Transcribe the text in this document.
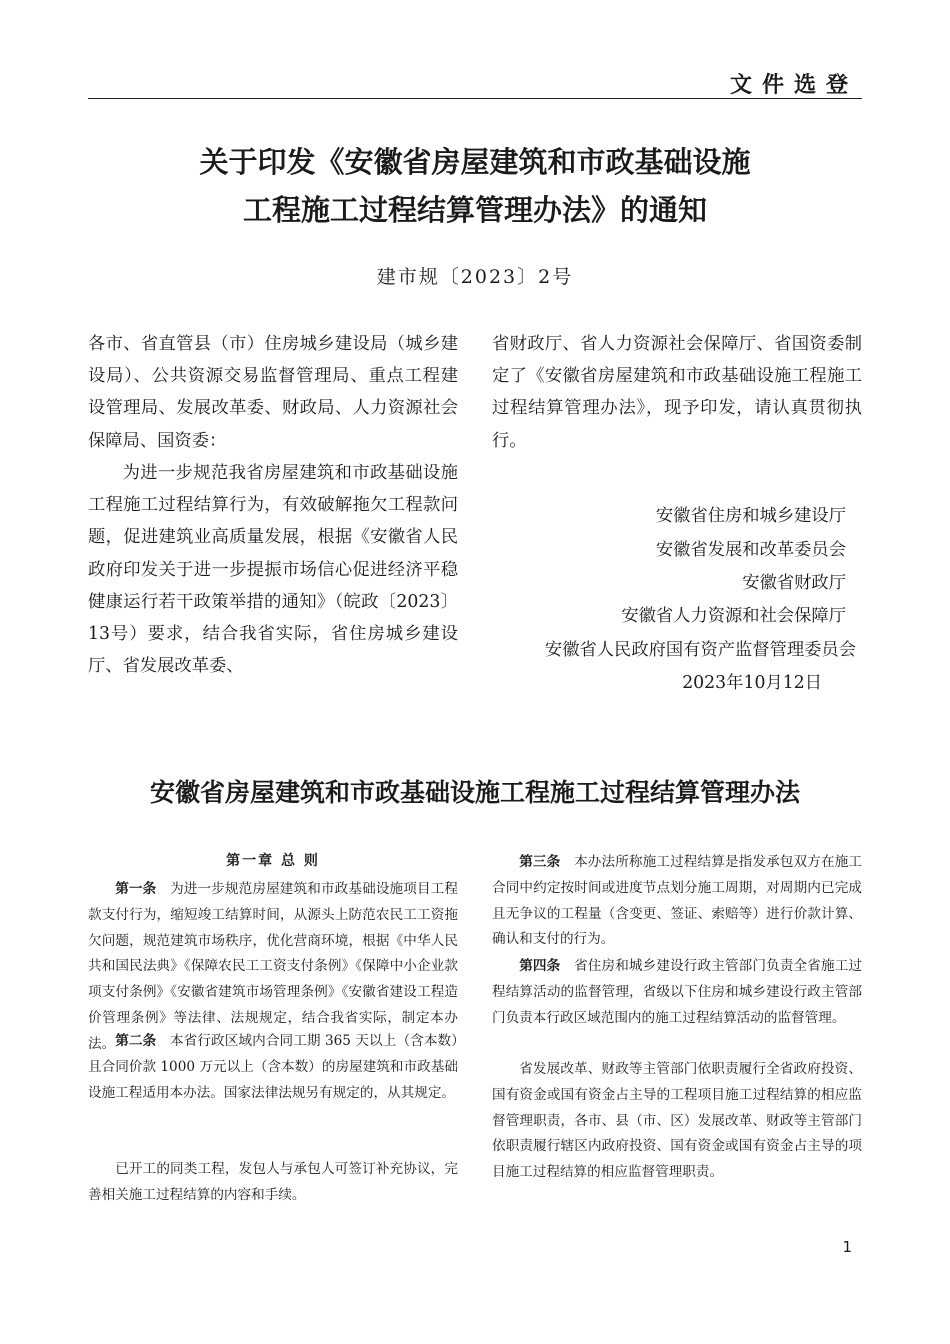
文件选登
关于印发《安徽省房屋建筑和市政基础设施
工程施工过程结算管理办法》的通知
建市规〔2023〕2号
各市、省直管县（市）住房城乡建设局（城乡建设局）、公共资源交易监督管理局、重点工程建设管理局、发展改革委、财政局、人力资源社会保障局、国资委：
为进一步规范我省房屋建筑和市政基础设施工程施工过程结算行为，有效破解拖欠工程款问题，促进建筑业高质量发展，根据《安徽省人民政府印发关于进一步提振市场信心促进经济平稳健康运行若干政策举措的通知》（皖政〔2023〕13号）要求，结合我省实际，省住房城乡建设厅、省发展改革委、
省财政厅、省人力资源社会保障厅、省国资委制定了《安徽省房屋建筑和市政基础设施工程施工过程结算管理办法》，现予印发，请认真贯彻执行。
安徽省住房和城乡建设厅
安徽省发展和改革委员会
安徽省财政厅
安徽省人力资源和社会保障厅
安徽省人民政府国有资产监督管理委员会
2023年10月12日
安徽省房屋建筑和市政基础设施工程施工过程结算管理办法
第一章 总 则
第一条　 为进一步规范房屋建筑和市政基础设施项目工程款支付行为，缩短竣工结算时间，从源头上防范农民工工资拖欠问题，规范建筑市场秩序，优化营商环境，根据《中华人民共和国民法典》《保障农民工工资支付条例》《保障中小企业款项支付条例》《安徽省建筑市场管理条例》《安徽省建设工程造价管理条例》等法律、法规规定，结合我省实际，制定本办法。 第二条　 本省行政区域内合同工期 365 天以上（含本数）且合同价款 1000 万元以上（含本数）的房屋建筑和市政基础设施工程适用本办法。国家法律法规另有规定的，从其规定。
已开工的同类工程，发包人与承包人可签订补充协议，完善相关施工过程结算的内容和手续。
第三条　 本办法所称施工过程结算是指发承包双方在施工合同中约定按时间或进度节点划分施工周期，对周期内已完成且无争议的工程量（含变更、签证、索赔等）进行价款计算、确认和支付的行为。
第四条　 省住房和城乡建设行政主管部门负责全省施工过程结算活动的监督管理，省级以下住房和城乡建设行政主管部门负责本行政区域范围内的施工过程结算活动的监督管理。
省发展改革、财政等主管部门依职责履行全省政府投资、国有资金或国有资金占主导的工程项目施工过程结算的相应监督管理职责，各市、县（市、区）发展改革、财政等主管部门依职责履行辖区内政府投资、国有资金或国有资金占主导的项目施工过程结算的相应监督管理职责。
1
